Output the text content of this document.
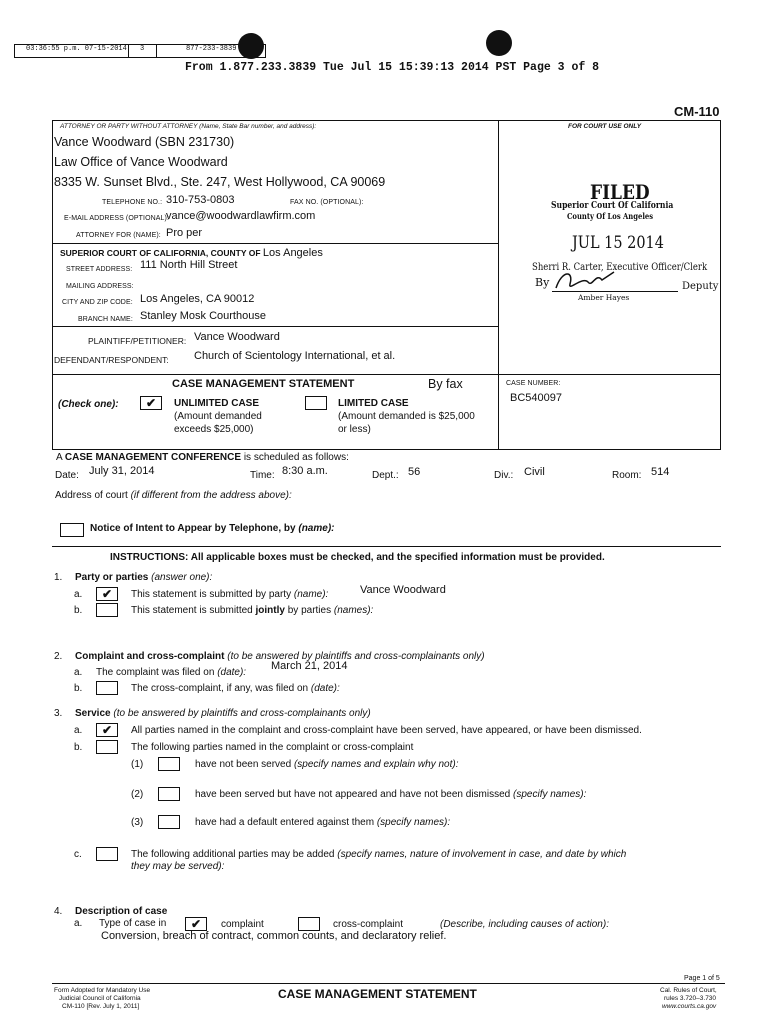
03:36:55 p.m. 07-15-2014 3	877-233-3839
From 1.877.233.3839 Tue Jul 15 15:39:13 2014 PST Page 3 of 8
CM-110
ATTORNEY OR PARTY WITHOUT ATTORNEY (Name, State Bar number, and address):
Vance Woodward (SBN 231730)
Law Office of Vance Woodward
8335 W. Sunset Blvd., Ste. 247, West Hollywood, CA 90069
TELEPHONE NO.: 310-753-0803	FAX NO. (OPTIONAL):
E-MAIL ADDRESS (OPTIONAL):
vance@woodwardlawfirm.com
ATTORNEY FOR (NAME): Pro per
SUPERIOR COURT OF CALIFORNIA, COUNTY OF Los Angeles
STREET ADDRESS: 111 North Hill Street
MAILING ADDRESS:
CITY AND ZIP CODE: Los Angeles, CA 90012
BRANCH NAME: Stanley Mosk Courthouse
PLAINTIFF/PETITIONER: Vance Woodward
DEFENDANT/RESPONDENT: Church of Scientology International, et al.
FOR COURT USE ONLY
FILED
Superior Court Of California
County Of Los Angeles
JUL 15 2014
Sherri R. Carter, Executive Officer/Clerk
By	Deputy
Amber Hayes
CASE MANAGEMENT STATEMENT	By fax
(Check one):	✔	UNLIMITED CASE
(Amount demanded
exceeds $25,000)
LIMITED CASE
(Amount demanded is $25,000
or less)
CASE NUMBER:
BC540097
A CASE MANAGEMENT CONFERENCE is scheduled as follows:
Date: July 31, 2014	Time: 8:30 a.m.	Dept.: 56	Div.: Civil	Room: 514
Address of court (if different from the address above):
Notice of Intent to Appear by Telephone, by (name):
INSTRUCTIONS: All applicable boxes must be checked, and the specified information must be provided.
1. Party or parties (answer one):
a.	✔	This statement is submitted by party (name):	Vance Woodward
b.	This statement is submitted jointly by parties (names):
2. Complaint and cross-complaint (to be answered by plaintiffs and cross-complainants only)
a. The complaint was filed on (date):
March 21, 2014
b.	The cross-complaint, if any, was filed on (date):
3. Service (to be answered by plaintiffs and cross-complainants only)
a.	✔	All parties named in the complaint and cross-complaint have been served, have appeared, or have been dismissed.
b.	The following parties named in the complaint or cross-complaint
(1)	have not been served (specify names and explain why not):
(2)	have been served but have not appeared and have not been dismissed (specify names):
(3)	have had a default entered against them (specify names):
c.	The following additional parties may be added (specify names, nature of involvement in case, and date by which
they may be served):
4. Description of case
a. Type of case in	✔	complaint	cross-complaint	(Describe, including causes of action):
Conversion, breach of contract, common counts, and declaratory relief.
Page 1 of 5
Form Adopted for Mandatory Use
Judicial Council of California
CM-110 [Rev. July 1, 2011]
CASE MANAGEMENT STATEMENT	Cal. Rules of Court,
rules 3.720–3.730
www.courts.ca.gov
